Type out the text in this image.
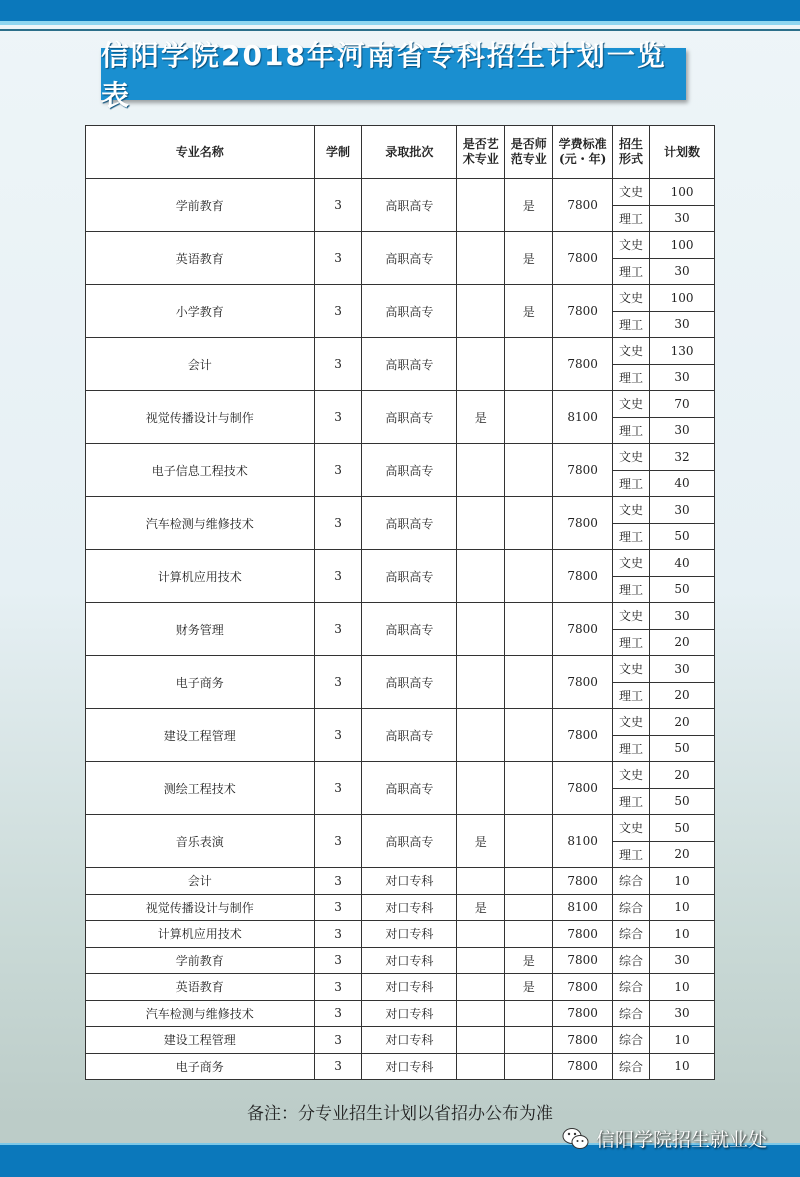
信阳学院2018年河南省专科招生计划一览表
专业名称	学制	录取批次	是否艺术专业	是否师范专业	学费标准(元・年)	招生形式	计划数
学前教育	3	高职高专		是	7800	文史	100
						理工	30
英语教育	3	高职高专		是	7800	文史	100
						理工	30
小学教育	3	高职高专		是	7800	文史	100
						理工	30
会计	3	高职高专			7800	文史	130
						理工	30
视觉传播设计与制作	3	高职高专	是		8100	文史	70
						理工	30
电子信息工程技术	3	高职高专			7800	文史	32
						理工	40
汽车检测与维修技术	3	高职高专			7800	文史	30
						理工	50
计算机应用技术	3	高职高专			7800	文史	40
						理工	50
财务管理	3	高职高专			7800	文史	30
						理工	20
电子商务	3	高职高专			7800	文史	30
						理工	20
建设工程管理	3	高职高专			7800	文史	20
						理工	50
测绘工程技术	3	高职高专			7800	文史	20
						理工	50
音乐表演	3	高职高专	是		8100	文史	50
						理工	20
会计	3	对口专科			7800	综合	10
视觉传播设计与制作	3	对口专科	是		8100	综合	10
计算机应用技术	3	对口专科			7800	综合	10
学前教育	3	对口专科		是	7800	综合	30
英语教育	3	对口专科		是	7800	综合	10
汽车检测与维修技术	3	对口专科			7800	综合	30
建设工程管理	3	对口专科			7800	综合	10
电子商务	3	对口专科			7800	综合	10
备注：分专业招生计划以省招办公布为准
信阳学院招生就业处
